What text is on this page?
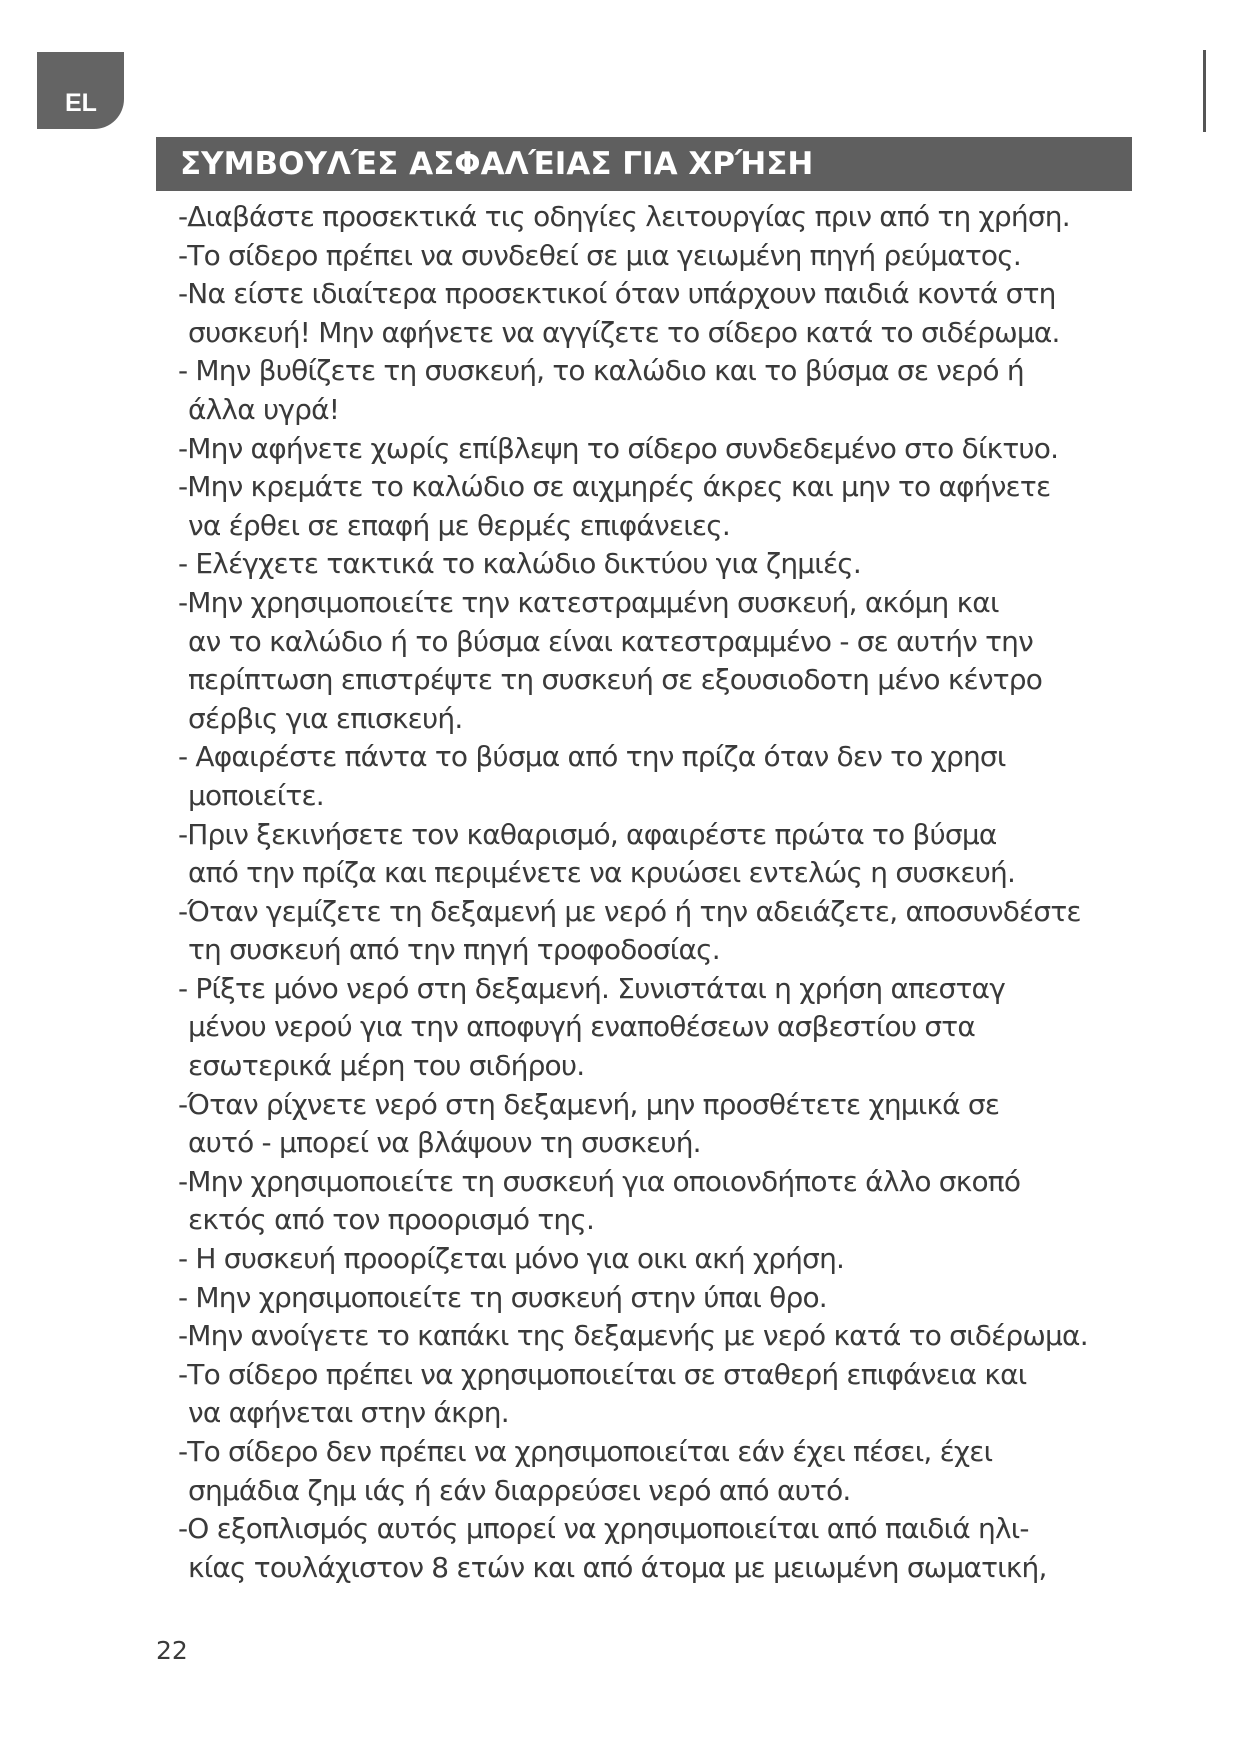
EL
ΣΥΜΒΟΥΛΈΣ ΑΣΦΑΛΈΙΑΣ ΓΙΑ ΧΡΉΣΗ
-Διαβάστε προσεκτικά τις οδηγίες λειτουργίας πριν από τη χρήση.
-Το σίδερο πρέπει να συνδεθεί σε μια γειωμένη πηγή ρεύματος.
-Να είστε ιδιαίτερα προσεκτικοί όταν υπάρχουν παιδιά κοντά στη
συσκευή! Μην αφήνετε να αγγίζετε το σίδερο κατά το σιδέρωμα.
- Μην βυθίζετε τη συσκευή, το καλώδιο και το βύσμα σε νερό ή
άλλα υγρά!
-Μην αφήνετε χωρίς επίβλεψη το σίδερο συνδεδεμένο στο δίκτυο.
-Μην κρεμάτε το καλώδιο σε αιχμηρές άκρες και μην το αφήνετε
να έρθει σε επαφή με θερμές επιφάνειες.
- Ελέγχετε τακτικά το καλώδιο δικτύου για ζημιές.
-Μην χρησιμοποιείτε την κατεστραμμένη συσκευή, ακόμη και
αν το καλώδιο ή το βύσμα είναι κατεστραμμένο - σε αυτήν την
περίπτωση επιστρέψτε τη συσκευή σε εξουσιοδοτη μένο κέντρο
σέρβις για επισκευή.
- Αφαιρέστε πάντα το βύσμα από την πρίζα όταν δεν το χρησι
μοποιείτε.
-Πριν ξεκινήσετε τον καθαρισμό, αφαιρέστε πρώτα το βύσμα
από την πρίζα και περιμένετε να κρυώσει εντελώς η συσκευή.
-Όταν γεμίζετε τη δεξαμενή με νερό ή την αδειάζετε, αποσυνδέστε
τη συσκευή από την πηγή τροφοδοσίας.
- Ρίξτε μόνο νερό στη δεξαμενή. Συνιστάται η χρήση απεσταγ
μένου νερού για την αποφυγή εναποθέσεων ασβεστίου στα
εσωτερικά μέρη του σιδήρου.
-Όταν ρίχνετε νερό στη δεξαμενή, μην προσθέτετε χημικά σε
αυτό - μπορεί να βλάψουν τη συσκευή.
-Μην χρησιμοποιείτε τη συσκευή για οποιονδήποτε άλλο σκοπό
εκτός από τον προορισμό της.
- Η συσκευή προορίζεται μόνο για οικι ακή χρήση.
- Μην χρησιμοποιείτε τη συσκευή στην ύπαι θρο.
-Μην ανοίγετε το καπάκι της δεξαμενής με νερό κατά το σιδέρωμα.
-Το σίδερο πρέπει να χρησιμοποιείται σε σταθερή επιφάνεια και
να αφήνεται στην άκρη.
-Το σίδερο δεν πρέπει να χρησιμοποιείται εάν έχει πέσει, έχει
σημάδια ζημ ιάς ή εάν διαρρεύσει νερό από αυτό.
-Ο εξοπλισμός αυτός μπορεί να χρησιμοποιείται από παιδιά ηλι-
κίας τουλάχιστον 8 ετών και από άτομα με μειωμένη σωματική,
22
